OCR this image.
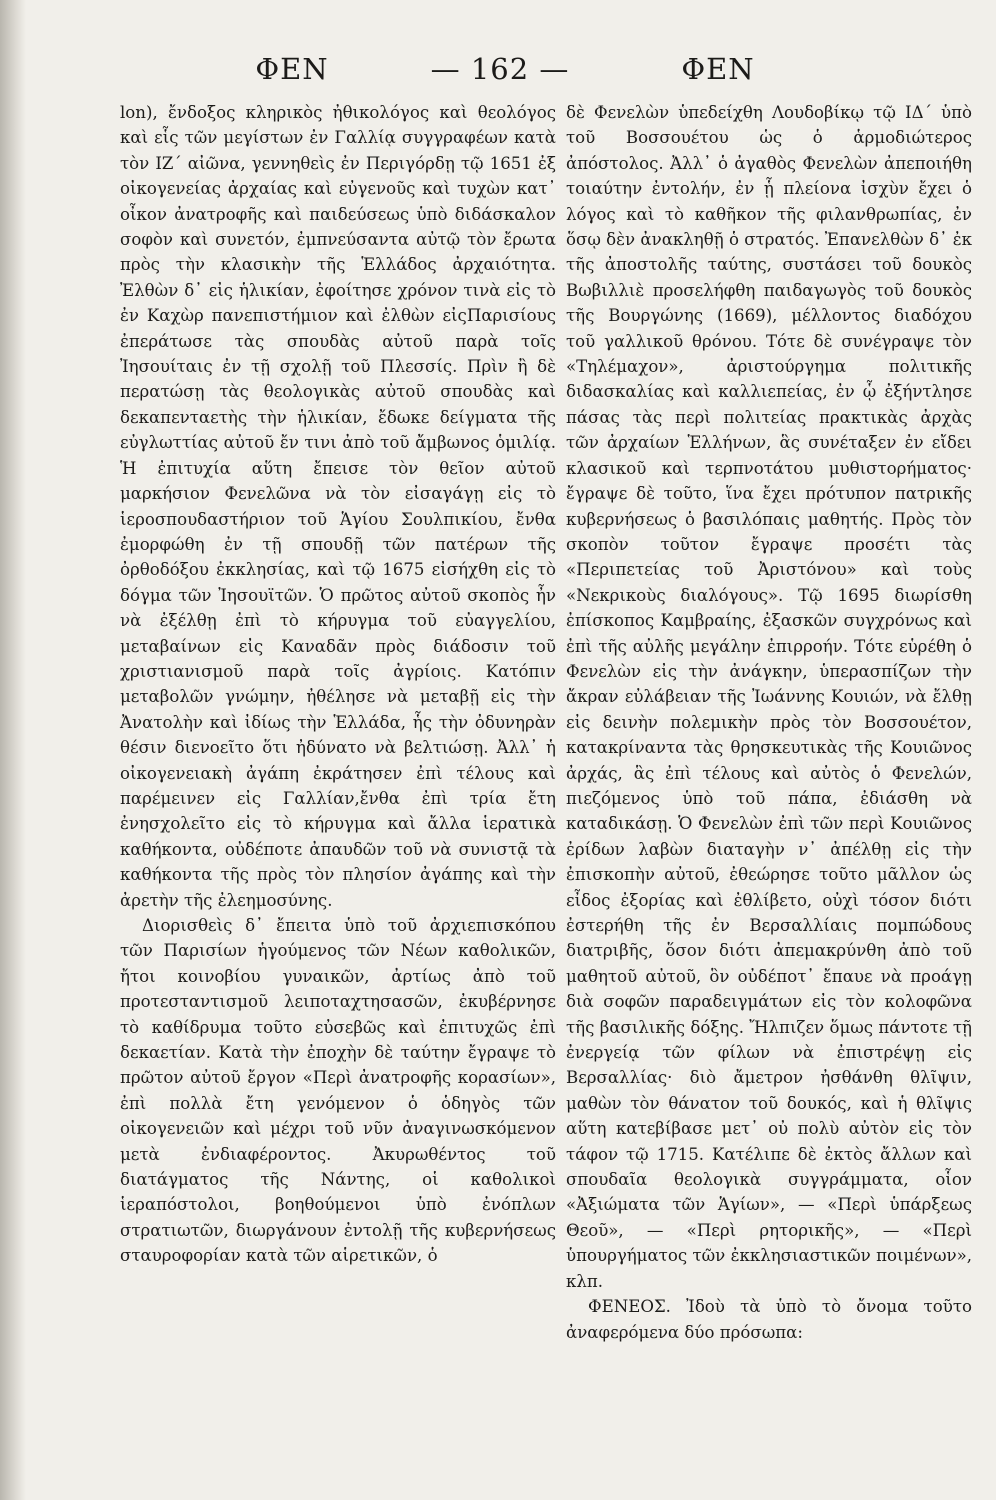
ΦΕΝ	— 162 —	ΦΕΝ

lon), ἔνδοξος κληρικὸς ἠθικολόγος καὶ θεολόγος καὶ εἷς τῶν μεγίστων ἐν Γαλλίᾳ συγγραφέων κατὰ τὸν ΙΖ΄ αἰῶνα, γεννηθεὶς ἐν Περιγόρδῃ τῷ 1651 ἐξ οἰκογενείας ἀρχαίας καὶ εὐγενοῦς καὶ τυχὼν κατ᾽ οἶκον ἀνατροφῆς καὶ παιδεύσεως ὑπὸ διδάσκαλον σοφὸν καὶ συνετόν, ἐμπνεύσαντα αὐτῷ τὸν ἔρωτα πρὸς τὴν κλασικὴν τῆς Ἑλλάδος ἀρχαιότητα. Ἐλθὼν δ᾽ εἰς ἡλικίαν, ἐφοίτησε χρόνον τινὰ εἰς τὸ ἐν Καχὼρ πανεπιστήμιον καὶ ἐλθὼν εἰςΠαρισίους ἐπεράτωσε τὰς σπουδὰς αὐτοῦ παρὰ τοῖς Ἰησουίταις ἐν τῇ σχολῇ τοῦ Πλεσσίς. Πρὶν ἢ δὲ περατώσῃ τὰς θεολογικὰς αὐτοῦ σπουδὰς καὶ δεκαπενταετὴς τὴν ἡλικίαν, ἔδωκε δείγματα τῆς εὐγλωττίας αὐτοῦ ἔν τινι ἀπὸ τοῦ ἄμβωνος ὁμιλίᾳ. Ἡ ἐπιτυχία αὕτη ἔπεισε τὸν θεῖον αὐτοῦ μαρκήσιον Φενελῶνα νὰ τὸν εἰσαγάγῃ εἰς τὸ ἱεροσπουδαστήριον τοῦ Ἁγίου Σουλπικίου, ἔνθα ἐμορφώθη ἐν τῇ σπουδῇ τῶν πατέρων τῆς ὀρθοδόξου ἐκκλησίας, καὶ τῷ 1675 εἰσήχθη εἰς τὸ δόγμα τῶν Ἰησουϊτῶν. Ὁ πρῶτος αὐτοῦ σκοπὸς ἦν νὰ ἐξέλθῃ ἐπὶ τὸ κήρυγμα τοῦ εὐαγγελίου, μεταβαίνων εἰς Καναδᾶν πρὸς διάδοσιν τοῦ χριστιανισμοῦ παρὰ τοῖς ἀγρίοις. Κατόπιν μεταβολῶν γνώμην, ἠθέλησε νὰ μεταβῇ εἰς τὴν Ἀνατολὴν καὶ ἰδίως τὴν Ἑλλάδα, ἧς τὴν ὀδυνηρὰν θέσιν διενοεῖτο ὅτι ἠδύνατο νὰ βελτιώσῃ. Ἀλλ᾽ ἡ οἰκογενειακὴ ἀγάπη ἐκράτησεν ἐπὶ τέλους καὶ παρέμεινεν εἰς Γαλλίαν,ἔνθα ἐπὶ τρία ἔτη ἐνησχολεῖτο εἰς τὸ κήρυγμα καὶ ἄλλα ἱερατικὰ καθήκοντα, οὐδέποτε ἀπαυδῶν τοῦ νὰ συνιστᾷ τὰ καθήκοντα τῆς πρὸς τὸν πλησίον ἀγάπης καὶ τὴν ἀρετὴν τῆς ἐλεημοσύνης.

Διορισθεὶς δ᾽ ἔπειτα ὑπὸ τοῦ ἀρχιεπισκόπου τῶν Παρισίων ἡγούμενος τῶν Νέων καθολικῶν, ἤτοι κοινοβίου γυναικῶν, ἀρτίως ἀπὸ τοῦ προτεσταντισμοῦ λειποταχτησασῶν, ἐκυβέρνησε τὸ καθίδρυμα τοῦτο εὐσεβῶς καὶ ἐπιτυχῶς ἐπὶ δεκαετίαν. Κατὰ τὴν ἐποχὴν δὲ ταύτην ἔγραψε τὸ πρῶτον αὐτοῦ ἔργον «Περὶ ἀνατροφῆς κορασίων», ἐπὶ πολλὰ ἔτη γενόμενον ὁ ὁδηγὸς τῶν οἰκογενειῶν καὶ μέχρι τοῦ νῦν ἀναγινωσκόμενον μετὰ ἐνδιαφέροντος. Ἀκυρωθέντος τοῦ διατάγματος τῆς Νάντης, οἱ καθολικοὶ ἱεραπόστολοι, βοηθούμενοι ὑπὸ ἐνόπλων στρατιωτῶν, διωργάνουν ἐντολῇ τῆς κυβερνήσεως σταυροφορίαν κατὰ τῶν αἱρετικῶν, ὁ

δὲ Φενελὼν ὑπεδείχθη Λουδοβίκῳ τῷ ΙΔ΄ ὑπὸ τοῦ Βοσσουέτου ὡς ὁ ἁρμοδιώτερος ἀπόστολος. Ἀλλ᾽ ὁ ἀγαθὸς Φενελὼν ἀπεποιήθη τοιαύτην ἐντολήν, ἐν ᾗ πλείονα ἰσχὺν ἔχει ὁ λόγος καὶ τὸ καθῆκον τῆς φιλανθρωπίας, ἐν ὅσῳ δὲν ἀνακληθῇ ὁ στρατός. Ἐπανελθὼν δ᾽ ἐκ τῆς ἀποστολῆς ταύτης, συστάσει τοῦ δουκὸς Βωβιλλιὲ προσελήφθη παιδαγωγὸς τοῦ δουκὸς τῆς Βουργώνης (1669), μέλλοντος διαδόχου τοῦ γαλλικοῦ θρόνου. Τότε δὲ συνέγραψε τὸν «Τηλέμαχον», ἀριστούργημα πολιτικῆς διδασκαλίας καὶ καλλιεπείας, ἐν ᾧ ἐξήντλησε πάσας τὰς περὶ πολιτείας πρακτικὰς ἀρχὰς τῶν ἀρχαίων Ἑλλήνων, ἃς συνέταξεν ἐν εἴδει κλασικοῦ καὶ τερπνοτάτου μυθιστορήματος· ἔγραψε δὲ τοῦτο, ἵνα ἔχει πρότυπον πατρικῆς κυβερνήσεως ὁ βασιλόπαις μαθητής. Πρὸς τὸν σκοπὸν τοῦτον ἔγραψε προσέτι τὰς «Περιπετείας τοῦ Ἀριστόνου» καὶ τοὺς «Νεκρικοὺς διαλόγους». Τῷ 1695 διωρίσθη ἐπίσκοπος Καμβραίης, ἐξασκῶν συγχρόνως καὶ ἐπὶ τῆς αὐλῆς μεγάλην ἐπιρροήν. Τότε εὑρέθη ὁ Φενελὼν εἰς τὴν ἀνάγκην, ὑπερασπίζων τὴν ἄκραν εὐλάβειαν τῆς Ἰωάννης Κουιών, νὰ ἔλθῃ εἰς δεινὴν πολεμικὴν πρὸς τὸν Βοσσουέτον, κατακρίναντα τὰς θρησκευτικὰς τῆς Κουιῶνος ἀρχάς, ἃς ἐπὶ τέλους καὶ αὐτὸς ὁ Φενελών, πιεζόμενος ὑπὸ τοῦ πάπα, ἐδιάσθη νὰ καταδικάσῃ. Ὁ Φενελὼν ἐπὶ τῶν περὶ Κουιῶνος ἐρίδων λαβὼν διαταγὴν ν᾽ ἀπέλθῃ εἰς τὴν ἐπισκοπὴν αὐτοῦ, ἐθεώρησε τοῦτο μᾶλλον ὡς εἶδος ἐξορίας καὶ ἐθλίβετο, οὐχὶ τόσον διότι ἐστερήθη τῆς ἐν Βερσαλλίαις πομπώδους διατριβῆς, ὅσον διότι ἀπεμακρύνθη ἀπὸ τοῦ μαθητοῦ αὐτοῦ, ὃν οὐδέποτ᾽ ἔπαυε νὰ προάγῃ διὰ σοφῶν παραδειγμάτων εἰς τὸν κολοφῶνα τῆς βασιλικῆς δόξης. Ἤλπιζεν ὅμως πάντοτε τῇ ἐνεργείᾳ τῶν φίλων νὰ ἐπιστρέψῃ εἰς Βερσαλλίας· διὸ ἄμετρον ἠσθάνθη θλῖψιν, μαθὼν τὸν θάνατον τοῦ δουκός, καὶ ἡ θλῖψις αὕτη κατεβίβασε μετ᾽ οὐ πολὺ αὐτὸν εἰς τὸν τάφον τῷ 1715. Κατέλιπε δὲ ἐκτὸς ἄλλων καὶ σπουδαῖα θεολογικὰ συγγράμματα, οἷον «Ἀξιώματα τῶν Ἁγίων», — «Περὶ ὑπάρξεως Θεοῦ», — «Περὶ ρητορικῆς», — «Περὶ ὑπουργήματος τῶν ἐκκλησιαστικῶν ποιμένων», κλπ.

ΦΕΝΕΟΣ. Ἰδοὺ τὰ ὑπὸ τὸ ὄνομα τοῦτο ἀναφερόμενα δύο πρόσωπα:
